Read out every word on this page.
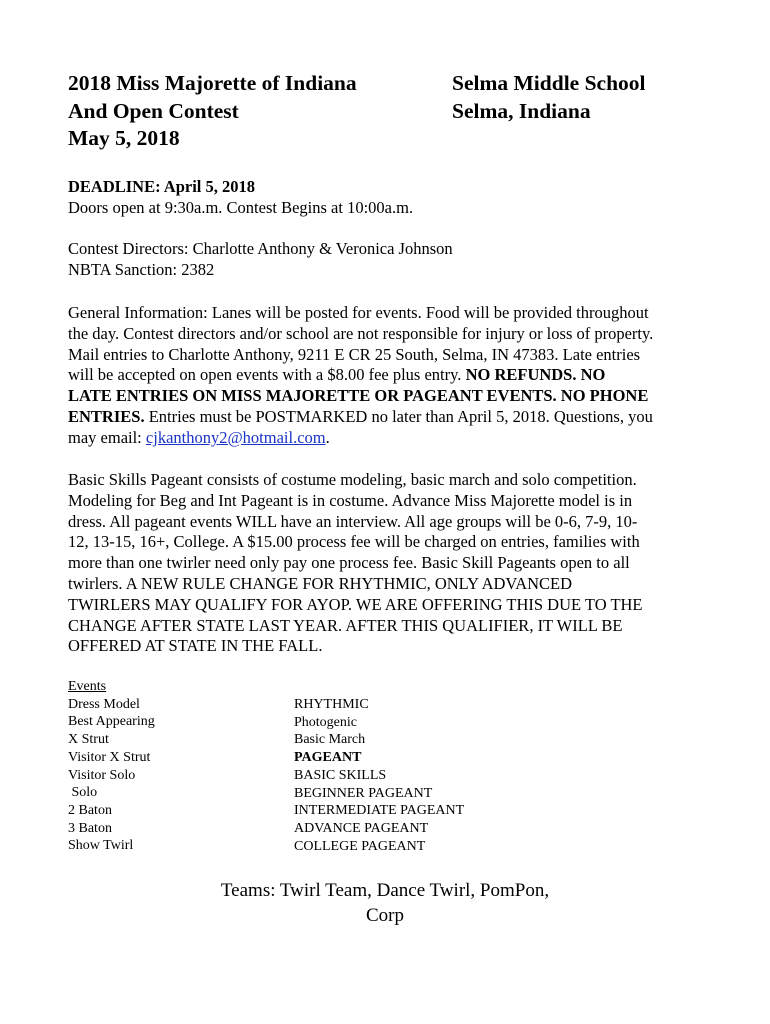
2018 Miss Majorette of Indiana
And Open Contest
May 5, 2018
Selma Middle School
Selma, Indiana
DEADLINE: April 5, 2018
Doors open at 9:30a.m. Contest Begins at 10:00a.m.
Contest Directors: Charlotte Anthony & Veronica Johnson
NBTA Sanction: 2382
General Information: Lanes will be posted for events. Food will be provided throughout
the day. Contest directors and/or school are not responsible for injury or loss of property.
Mail entries to Charlotte Anthony, 9211 E CR 25 South, Selma, IN 47383. Late entries
will be accepted on open events with a $8.00 fee plus entry. NO REFUNDS. NO
LATE ENTRIES ON MISS MAJORETTE OR PAGEANT EVENTS. NO PHONE
ENTRIES. Entries must be POSTMARKED no later than April 5, 2018. Questions, you
may email: cjkanthony2@hotmail.com.
Basic Skills Pageant consists of costume modeling, basic march and solo competition.
Modeling for Beg and Int Pageant is in costume. Advance Miss Majorette model is in
dress. All pageant events WILL have an interview. All age groups will be 0-6, 7-9, 10-
12, 13-15, 16+, College. A $15.00 process fee will be charged on entries, families with
more than one twirler need only pay one process fee. Basic Skill Pageants open to all
twirlers. A NEW RULE CHANGE FOR RHYTHMIC, ONLY ADVANCED
TWIRLERS MAY QUALIFY FOR AYOP. WE ARE OFFERING THIS DUE TO THE
CHANGE AFTER STATE LAST YEAR. AFTER THIS QUALIFIER, IT WILL BE
OFFERED AT STATE IN THE FALL.
Events
Dress Model
Best Appearing
X Strut
Visitor X Strut
Visitor Solo
Solo
2 Baton
3 Baton
Show Twirl
RHYTHMIC
Photogenic
Basic March
PAGEANT
BASIC SKILLS
BEGINNER PAGEANT
INTERMEDIATE PAGEANT
ADVANCE PAGEANT
COLLEGE PAGEANT
Teams: Twirl Team, Dance Twirl, PomPon,
Corp
